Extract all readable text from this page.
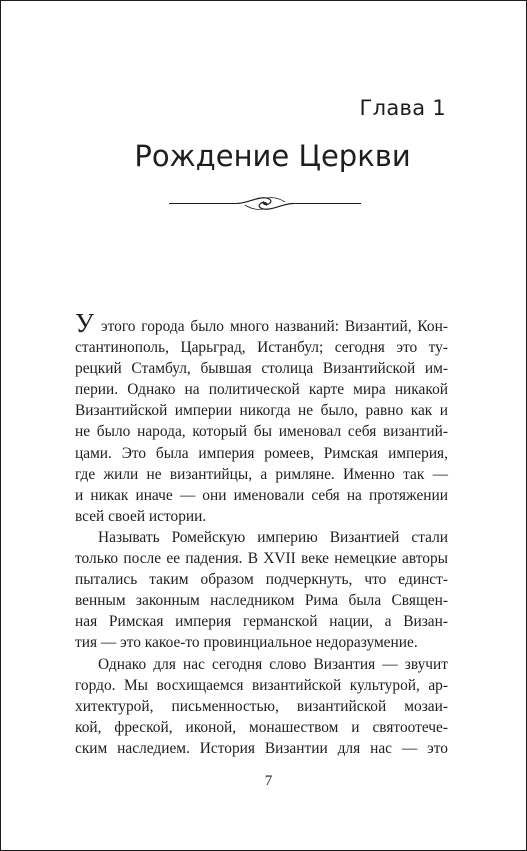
Глава 1
Рождение Церкви

У этого города было много названий: Византий, Кон-
стантинополь, Царьград, Истанбул; сегодня это ту-
рецкий Стамбул, бывшая столица Византийской им-
перии. Однако на политической карте мира никакой
Византийской империи никогда не было, равно как и
не было народа, который бы именовал себя византий-
цами. Это была империя ромеев, Римская империя,
где жили не византийцы, а римляне. Именно так —
и никак иначе — они именовали себя на протяжении
всей своей истории.

Называть Ромейскую империю Византией стали
только после ее падения. В XVII веке немецкие авторы
пытались таким образом подчеркнуть, что единст-
венным законным наследником Рима была Священ-
ная Римская империя германской нации, а Визан-
тия — это какое-то провинциальное недоразумение.

Однако для нас сегодня слово Византия — звучит
гордо. Мы восхищаемся византийской культурой, ар-
хитектурой, письменностью, византийской мозаи-
кой, фреской, иконой, монашеством и святоотече-
ским наследием. История Византии для нас — это

7
